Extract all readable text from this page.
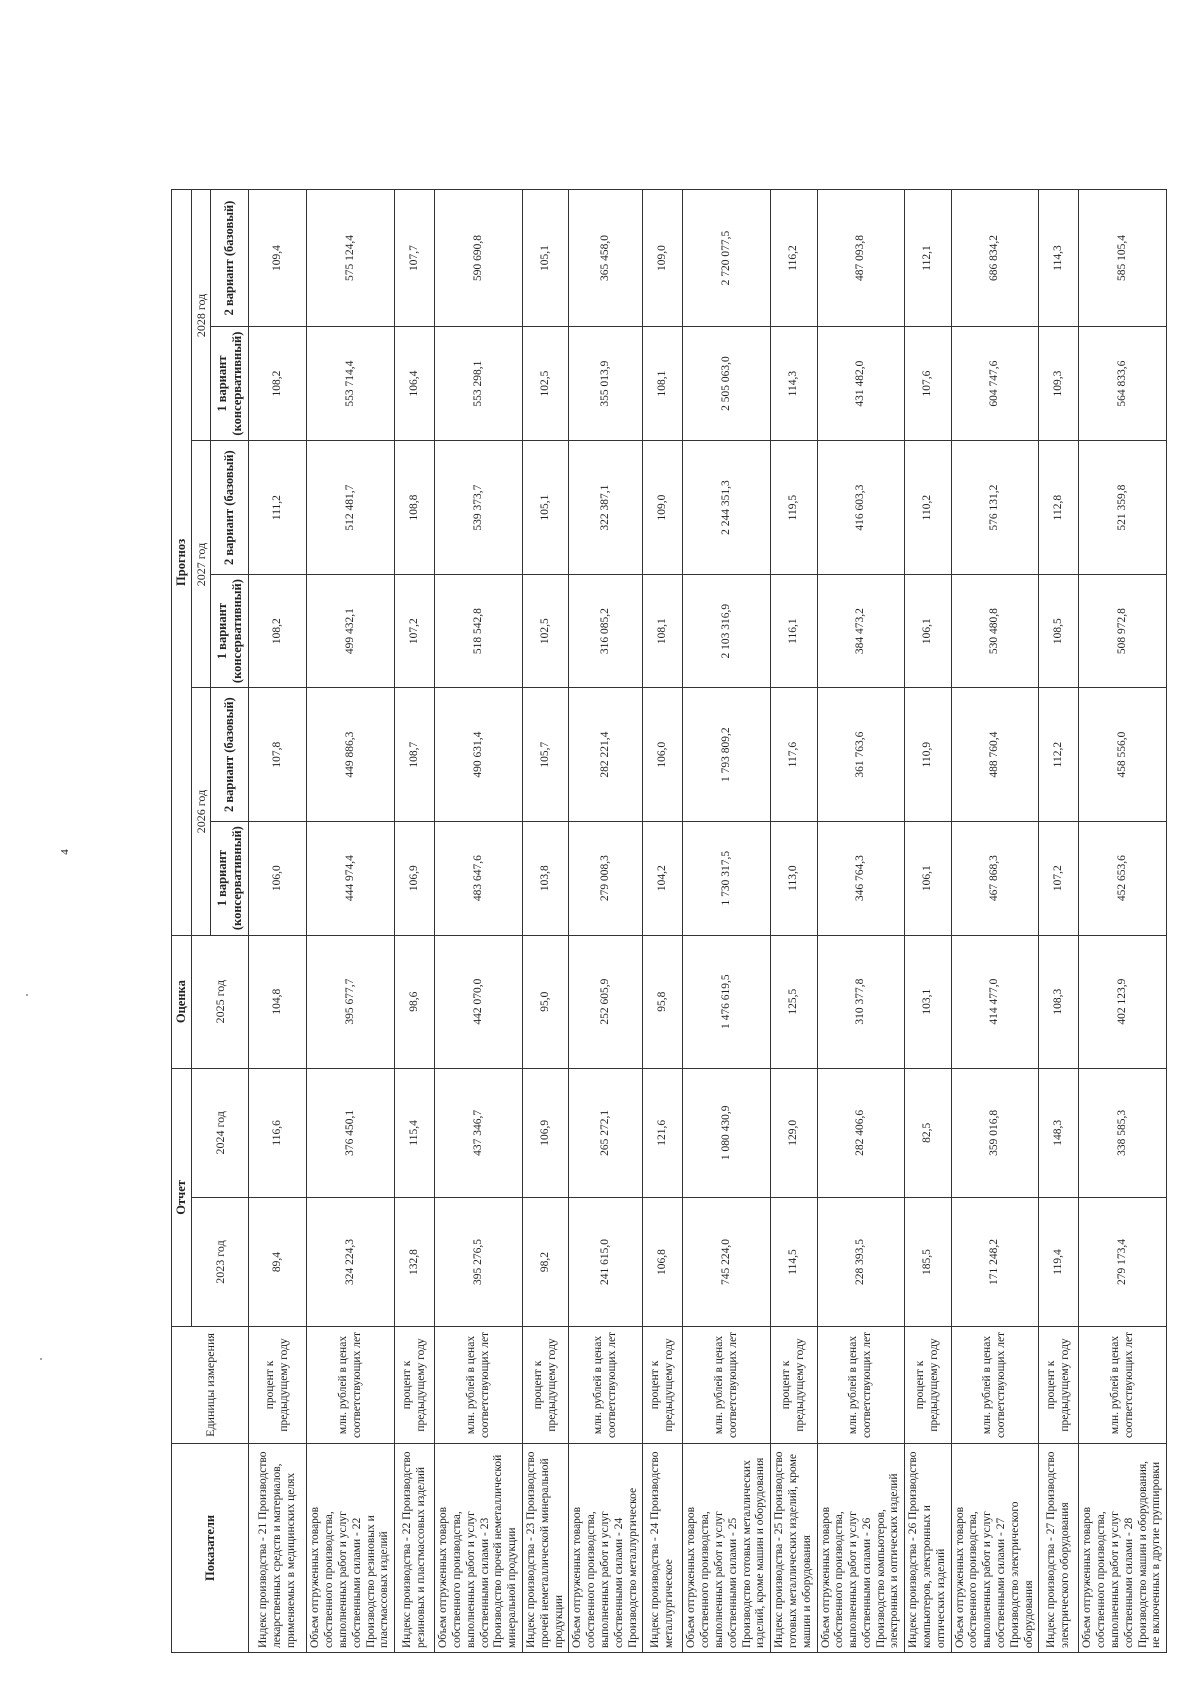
4
Показатели	Единицы измерения	Отчет		Оценка	Прогноз					
		2023 год	2024 год	2025 год	2026 год		2027 год		2028 год	
					1 вариант (консервативный)	2 вариант (базовый)	1 вариант (консервативный)	2 вариант (базовый)	1 вариант (консервативный)	2 вариант (базовый)
Индекс производства - 21 Производство лекарственных средств и материалов, применяемых в медицинских целях	процент к предыдущему году	89,4	116,6	104,8	106,0	107,8	108,2	111,2	108,2	109,4
Объем отгруженных товаров собственного производства, выполненных работ и услуг собственными силами - 22 Производство резиновых и пластмассовых изделий	млн. рублей в ценах соответствующих лет	324 224,3	376 450,1	395 677,7	444 974,4	449 886,3	499 432,1	512 481,7	553 714,4	575 124,4
Индекс производства - 22 Производство резиновых и пластмассовых изделий	процент к предыдущему году	132,8	115,4	98,6	106,9	108,7	107,2	108,8	106,4	107,7
Объем отгруженных товаров собственного производства, выполненных работ и услуг собственными силами - 23 Производство прочей неметаллической минеральной продукции	млн. рублей в ценах соответствующих лет	395 276,5	437 346,7	442 070,0	483 647,6	490 631,4	518 542,8	539 373,7	553 298,1	590 690,8
Индекс производства - 23 Производство прочей неметаллической минеральной продукции	процент к предыдущему году	98,2	106,9	95,0	103,8	105,7	102,5	105,1	102,5	105,1
Объем отгруженных товаров собственного производства, выполненных работ и услуг собственными силами - 24 Производство металлургическое	млн. рублей в ценах соответствующих лет	241 615,0	265 272,1	252 605,9	279 008,3	282 221,4	316 085,2	322 387,1	355 013,9	365 458,0
Индекс производства - 24 Производство металлургическое	процент к предыдущему году	106,8	121,6	95,8	104,2	106,0	108,1	109,0	108,1	109,0
Объем отгруженных товаров собственного производства, выполненных работ и услуг собственными силами - 25 Производство готовых металлических изделий, кроме машин и оборудования	млн. рублей в ценах соответствующих лет	745 224,0	1 080 430,9	1 476 619,5	1 730 317,5	1 793 809,2	2 103 316,9	2 244 351,3	2 505 063,0	2 720 077,5
Индекс производства - 25 Производство готовых металлических изделий, кроме машин и оборудования	процент к предыдущему году	114,5	129,0	125,5	113,0	117,6	116,1	119,5	114,3	116,2
Объем отгруженных товаров собственного производства, выполненных работ и услуг собственными силами - 26 Производство компьютеров, электронных и оптических изделий	млн. рублей в ценах соответствующих лет	228 393,5	282 406,6	310 377,8	346 764,3	361 763,6	384 473,2	416 603,3	431 482,0	487 093,8
Индекс производства - 26 Производство компьютеров, электронных и оптических изделий	процент к предыдущему году	185,5	82,5	103,1	106,1	110,9	106,1	110,2	107,6	112,1
Объем отгруженных товаров собственного производства, выполненных работ и услуг собственными силами - 27 Производство электрического оборудования	млн. рублей в ценах соответствующих лет	171 248,2	359 016,8	414 477,0	467 868,3	488 760,4	530 480,8	576 131,2	604 747,6	686 834,2
Индекс производства - 27 Производство электрического оборудования	процент к предыдущему году	119,4	148,3	108,3	107,2	112,2	108,5	112,8	109,3	114,3
Объем отгруженных товаров собственного производства, выполненных работ и услуг собственными силами - 28 Производство машин и оборудования, не включенных в другие группировки	млн. рублей в ценах соответствующих лет	279 173,4	338 585,3	402 123,9	452 653,6	458 556,0	508 972,8	521 359,8	564 833,6	585 105,4
